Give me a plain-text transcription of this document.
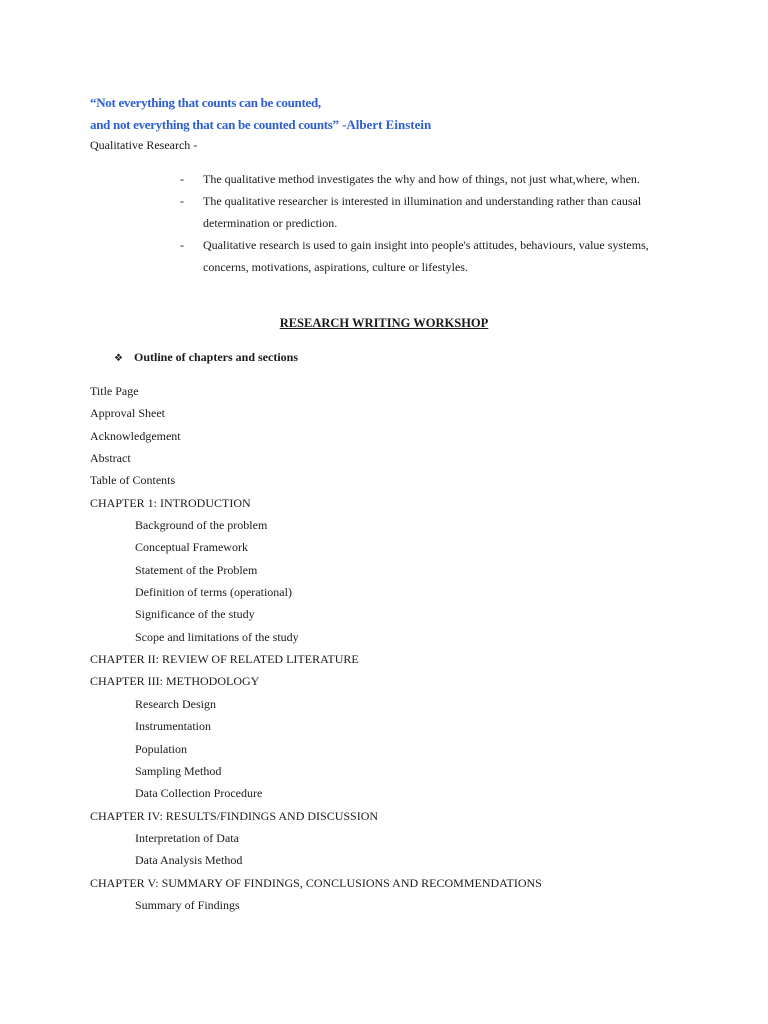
“Not everything that counts can be counted,
and not everything that can be counted counts” -Albert Einstein
Qualitative Research -
- The qualitative method investigates the why and how of things, not just what,where, when.
- The qualitative researcher is interested in illumination and understanding rather than causal determination or prediction.
- Qualitative research is used to gain insight into people's attitudes, behaviours, value systems, concerns, motivations, aspirations, culture or lifestyles.
RESEARCH WRITING WORKSHOP
❖ Outline of chapters and sections
Title Page
Approval Sheet
Acknowledgement
Abstract
Table of Contents
CHAPTER 1: INTRODUCTION
Background of the problem
Conceptual Framework
Statement of the Problem
Definition of terms (operational)
Significance of the study
Scope and limitations of the study
CHAPTER II: REVIEW OF RELATED LITERATURE
CHAPTER III: METHODOLOGY
Research Design
Instrumentation
Population
Sampling Method
Data Collection Procedure
CHAPTER IV: RESULTS/FINDINGS AND DISCUSSION
Interpretation of Data
Data Analysis Method
CHAPTER V: SUMMARY OF FINDINGS, CONCLUSIONS AND RECOMMENDATIONS
Summary of Findings
